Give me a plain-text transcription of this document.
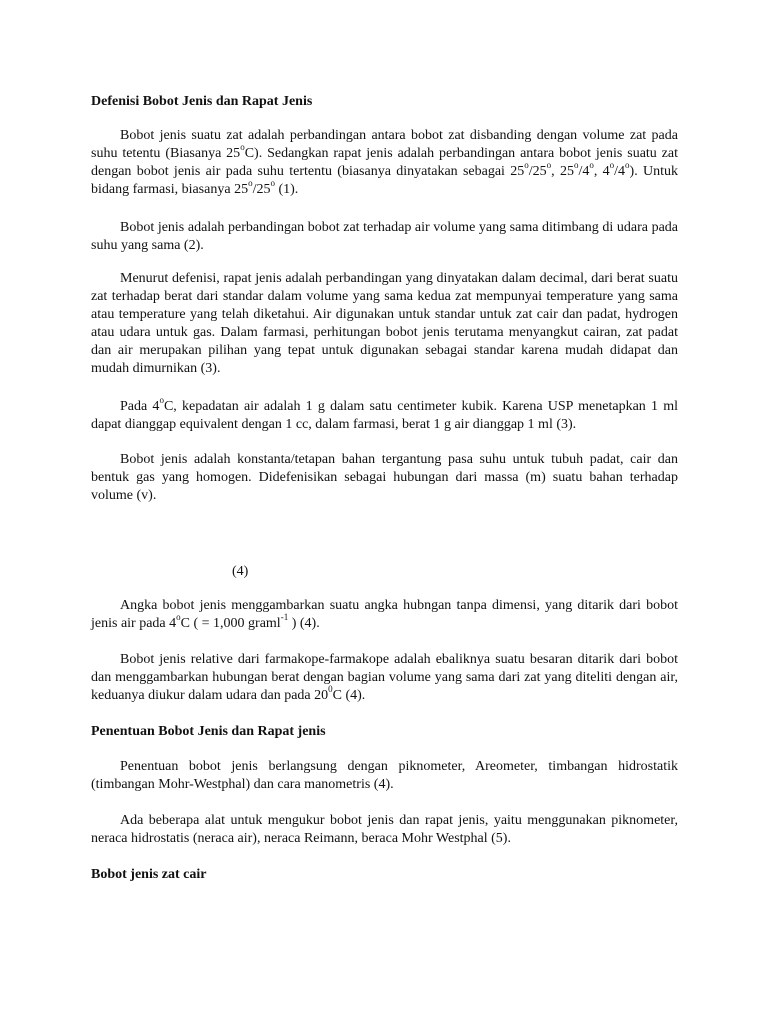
Defenisi Bobot Jenis dan Rapat Jenis

Bobot jenis suatu zat adalah perbandingan antara bobot zat disbanding dengan volume zat pada suhu tetentu (Biasanya 25$^o$C). Sedangkan rapat jenis adalah perbandingan antara bobot jenis suatu zat dengan bobot jenis air pada suhu tertentu (biasanya dinyatakan sebagai 25$^o$/25$^o$, 25$^o$/4$^o$, 4$^o$/4$^o$). Untuk bidang farmasi, biasanya 25$^o$/25$^o$ (1).

Bobot jenis adalah perbandingan bobot zat terhadap air volume yang sama ditimbang di udara pada suhu yang sama (2).

Menurut defenisi, rapat jenis adalah perbandingan yang dinyatakan dalam decimal, dari berat suatu zat terhadap berat dari standar dalam volume yang sama kedua zat mempunyai temperature yang sama atau temperature yang telah diketahui. Air digunakan untuk standar untuk zat cair dan padat, hydrogen atau udara untuk gas. Dalam farmasi, perhitungan bobot jenis terutama menyangkut cairan, zat padat dan air merupakan pilihan yang tepat untuk digunakan sebagai standar karena mudah didapat dan mudah dimurnikan (3).

Pada 4$^o$C, kepadatan air adalah 1 g dalam satu centimeter kubik. Karena USP menetapkan 1 ml dapat dianggap equivalent dengan 1 cc, dalam farmasi, berat 1 g air dianggap 1 ml (3).

Bobot jenis adalah konstanta/tetapan bahan tergantung pasa suhu untuk tubuh padat, cair dan bentuk gas yang homogen. Didefenisikan sebagai hubungan dari massa (m) suatu bahan terhadap volume (v).

(4)

Angka bobot jenis menggambarkan suatu angka hubngan tanpa dimensi, yang ditarik dari bobot jenis air pada 4$^o$C ( = 1,000 graml$^{-1}$ ) (4).

Bobot jenis relative dari farmakope-farmakope adalah ebaliknya suatu besaran ditarik dari bobot dan menggambarkan hubungan berat dengan bagian volume yang sama dari zat yang diteliti dengan air, keduanya diukur dalam udara dan pada $20^0C$ (4).

Penentuan Bobot Jenis dan Rapat jenis

Penentuan bobot jenis berlangsung dengan piknometer, Areometer, timbangan hidrostatik (timbangan Mohr-Westphal) dan cara manometris (4).

Ada beberapa alat untuk mengukur bobot jenis dan rapat jenis, yaitu menggunakan piknometer, neraca hidrostatis (neraca air), neraca Reimann, beraca Mohr Westphal (5).

Bobot jenis zat cair
